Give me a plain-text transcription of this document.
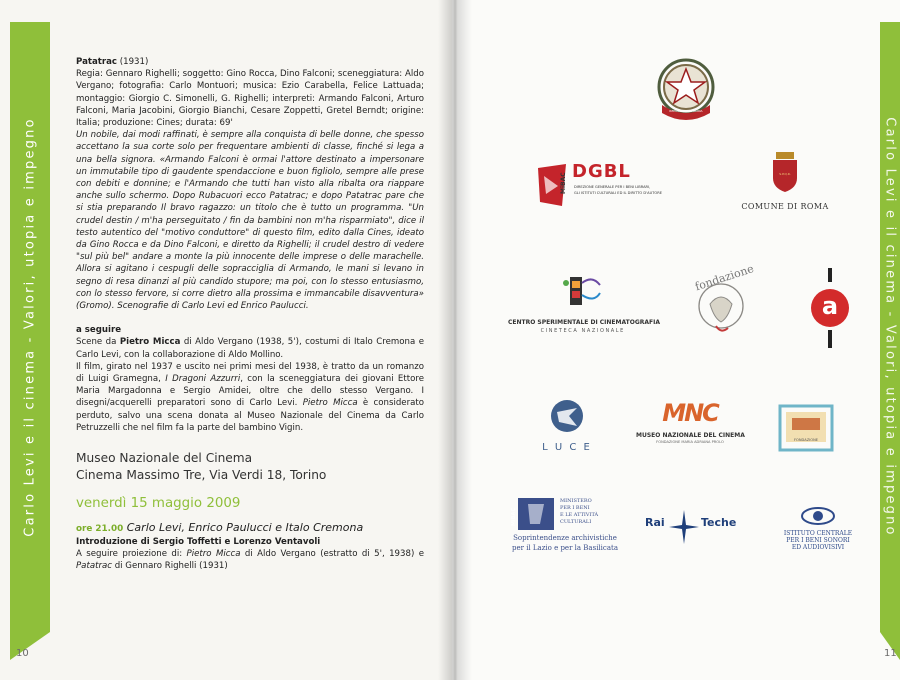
Carlo Levi e il cinema - Valori, utopia e impegno
10
Carlo Levi e il cinema - Valori, utopia e impegno
11

Patatrac (1931)

Regia: Gennaro Righelli; soggetto: Gino Rocca, Dino Falconi; sceneggiatura: Aldo Vergano; fotografia: Carlo Montuori; musica: Ezio Carabella, Felice Lattuada; montaggio: Giorgio C. Simonelli, G. Righelli; interpreti: Armando Falconi, Arturo Falconi, Maria Jacobini, Giorgio Bianchi, Cesare Zoppetti, Gretel Berndt; origine: Italia; produzione: Cines; durata: 69'

Un nobile, dai modi raffinati, è sempre alla conquista di belle donne, che spesso accettano la sua corte solo per frequentare ambienti di classe, finché si lega a una bella signora. «Armando Falconi è ormai l'attore destinato a impersonare un immutabile tipo di gaudente spendaccione e buon figliolo, sempre alle prese con debiti e donnine; e l'Armando che tutti han visto alla ribalta ora riappare anche sullo schermo. Dopo Rubacuori ecco Patatrac; e dopo Patatrac pare che si stia preparando Il bravo ragazzo: un titolo che è tutto un programma. "Un crudel destin / m'ha perseguitato / fin da bambini non m'ha risparmiato", dice il testo autentico del "motivo conduttore" di questo film, edito dalla Cines, ideato da Gino Rocca e da Dino Falconi, e diretto da Righelli; il crudel destro di vedere "sul più bel" andare a monte la più innocente delle imprese o delle marachelle. Allora si agitano i cespugli delle sopracciglia di Armando, le mani si levano in segno di resa dinanzi al più candido stupore; ma poi, con lo stesso entusiasmo, con lo stesso fervore, si corre dietro alla prossima e immancabile disavventura» (Gromo). Scenografie di Carlo Levi ed Enrico Paulucci.

a seguire

Scene da Pietro Micca di Aldo Vergano (1938, 5'), costumi di Italo Cremona e Carlo Levi, con la collaborazione di Aldo Mollino.

Il film, girato nel 1937 e uscito nei primi mesi del 1938, è tratto da un romanzo di Luigi Gramegna, I Dragoni Azzurri, con la sceneggiatura dei giovani Ettore Maria Margadonna e Sergio Amidei, oltre che dello stesso Vergano. I disegni/acquerelli preparatori sono di Carlo Levi. Pietro Micca è considerato perduto, salvo una scena donata al Museo Nazionale del Cinema da Carlo Petruzzelli che nel film fa la parte del bambino Vigin.

Museo Nazionale del Cinema
Cinema Massimo Tre, Via Verdi 18, Torino
venerdì 15 maggio 2009
ore 21.00 Carlo Levi, Enrico Paulucci e Italo Cremona
Introduzione di Sergio Toffetti e Lorenzo Ventavoli
A seguire proiezione di: Pietro Micca di Aldo Vergano (estratto di 5', 1938) e Patatrac di Gennaro Righelli (1931)
REPUBBLICA ITALIANA
MiBAC
DGBL
DIREZIONE GENERALE PER I BENI LIBRARI,
GLI ISTITUTI CULTURALI ED IL DIRITTO D'AUTORE
S.P.Q.R.
COMUNE DI ROMA
CENTRO SPERIMENTALE DI CINEMATOGRAFIA
C I N E T E C A   N A Z I O N A L E
fondazione
a
L U C E
MNC
MUSEO NAZIONALE DEL CINEMA
FONDAZIONE MARIA ADRIANA PROLO	FONDAZIONE
MiBAC
MINISTERO
PER I BENI
E LE ATTIVITÀ
CULTURALI
Soprintendenze archivistiche
per il Lazio e per la Basilicata
Rai	Teche
ISTITUTO CENTRALE
PER I BENI SONORI
ED AUDIOVISIVI
